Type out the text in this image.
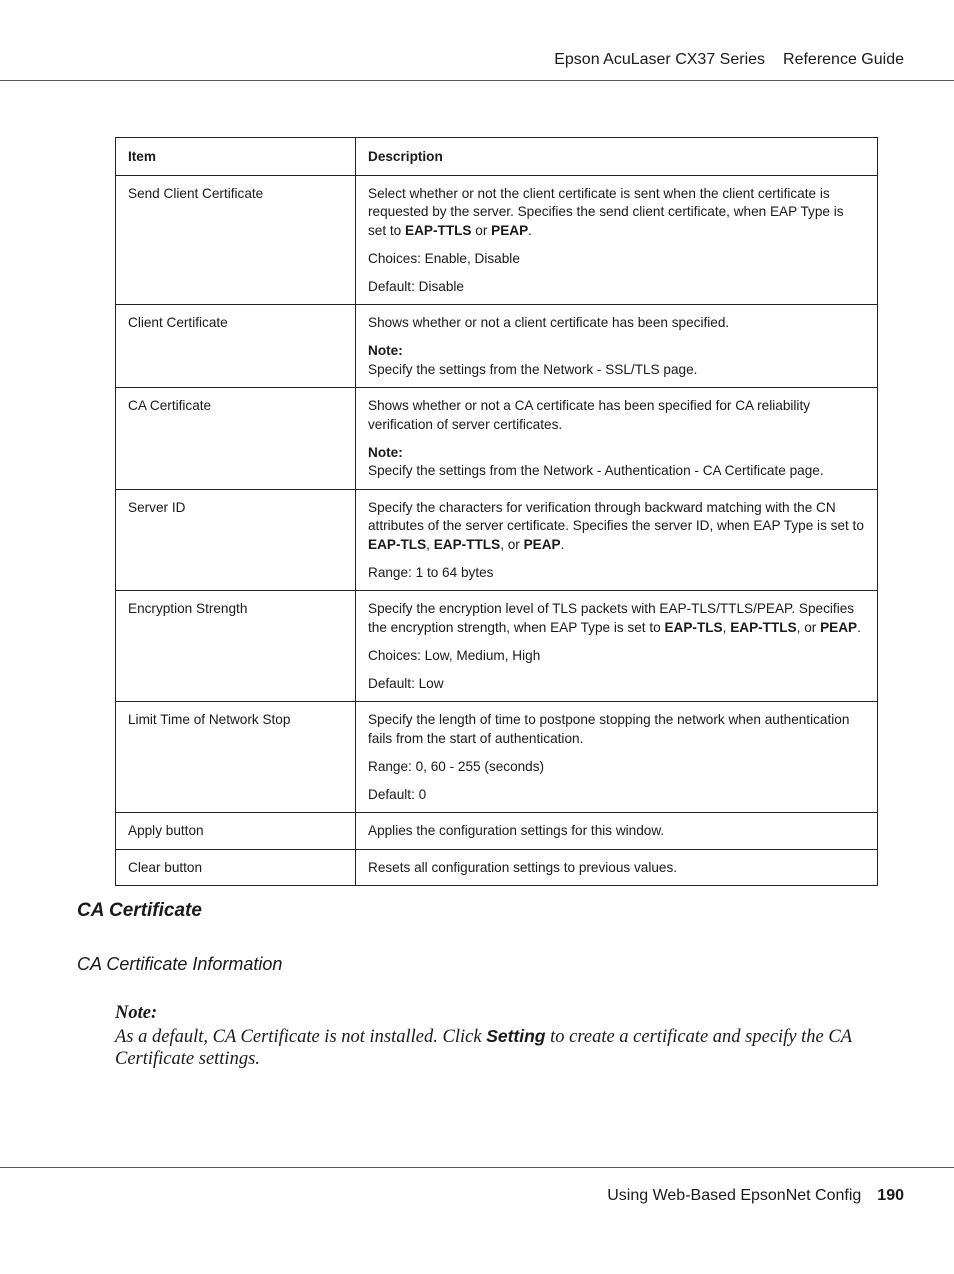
Epson AcuLaser CX37 Series Reference Guide
Item	Description
Send Client Certificate	Select whether or not the client certificate is sent when the client certificate is requested by the server. Specifies the send client certificate, when EAP Type is set to EAP-TTLS or PEAP.

Choices: Enable, Disable

Default: Disable

Client Certificate	Shows whether or not a client certificate has been specified.

Note:
Specify the settings from the Network - SSL/TLS page.

CA Certificate	Shows whether or not a CA certificate has been specified for CA reliability verification of server certificates.

Note:
Specify the settings from the Network - Authentication - CA Certificate page.

Server ID	Specify the characters for verification through backward matching with the CN attributes of the server certificate. Specifies the server ID, when EAP Type is set to EAP-TLS, EAP-TTLS, or PEAP.

Range: 1 to 64 bytes

Encryption Strength	Specify the encryption level of TLS packets with EAP-TLS/TTLS/PEAP. Specifies the encryption strength, when EAP Type is set to EAP-TLS, EAP-TTLS, or PEAP.

Choices: Low, Medium, High

Default: Low

Limit Time of Network Stop	Specify the length of time to postpone stopping the network when authentication fails from the start of authentication.

Range: 0, 60 - 255 (seconds)

Default: 0

Apply button	Applies the configuration settings for this window.

Clear button	Resets all configuration settings to previous values.

CA Certificate
CA Certificate Information
Note:
As a default, CA Certificate is not installed. Click Setting to create a certificate and specify the CA Certificate settings.
Using Web-Based EpsonNet Config 190
